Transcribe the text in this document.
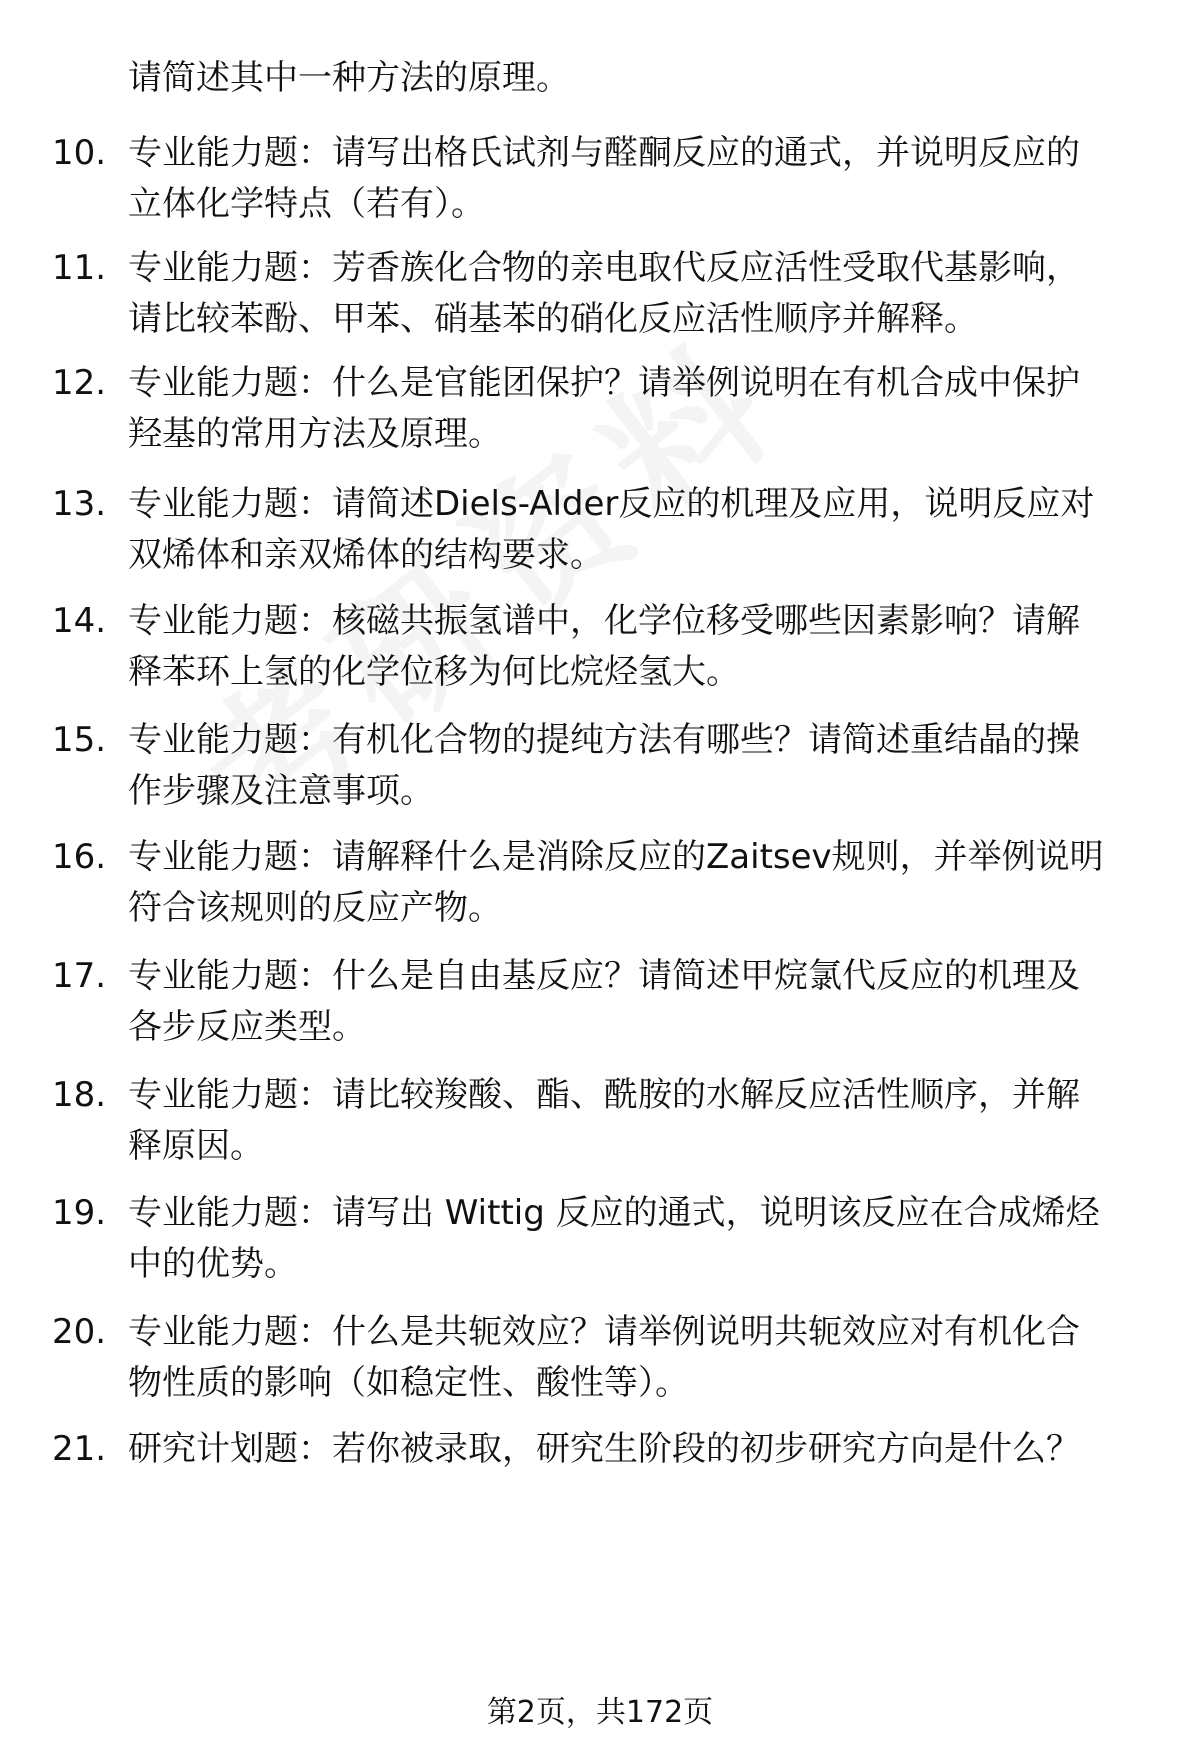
请简述其中一种方法的原理。
10. 专业能力题：请写出格氏试剂与醛酮反应的通式，并说明反应的
立体化学特点（若有）。
11. 专业能力题：芳香族化合物的亲电取代反应活性受取代基影响，
请比较苯酚、甲苯、硝基苯的硝化反应活性顺序并解释。
12. 专业能力题：什么是官能团保护？请举例说明在有机合成中保护
羟基的常用方法及原理。
13. 专业能力题：请简述Diels-Alder反应的机理及应用，说明反应对
双烯体和亲双烯体的结构要求。
14. 专业能力题：核磁共振氢谱中，化学位移受哪些因素影响？请解
释苯环上氢的化学位移为何比烷烃氢大。
15. 专业能力题：有机化合物的提纯方法有哪些？请简述重结晶的操
作步骤及注意事项。
16. 专业能力题：请解释什么是消除反应的Zaitsev规则，并举例说明
符合该规则的反应产物。
17. 专业能力题：什么是自由基反应？请简述甲烷氯代反应的机理及
各步反应类型。
18. 专业能力题：请比较羧酸、酯、酰胺的水解反应活性顺序，并解
释原因。
19. 专业能力题：请写出 Wittig 反应的通式，说明该反应在合成烯烃
中的优势。
20. 专业能力题：什么是共轭效应？请举例说明共轭效应对有机化合
物性质的影响（如稳定性、酸性等）。
21. 研究计划题：若你被录取，研究生阶段的初步研究方向是什么？
第2页，共172页
